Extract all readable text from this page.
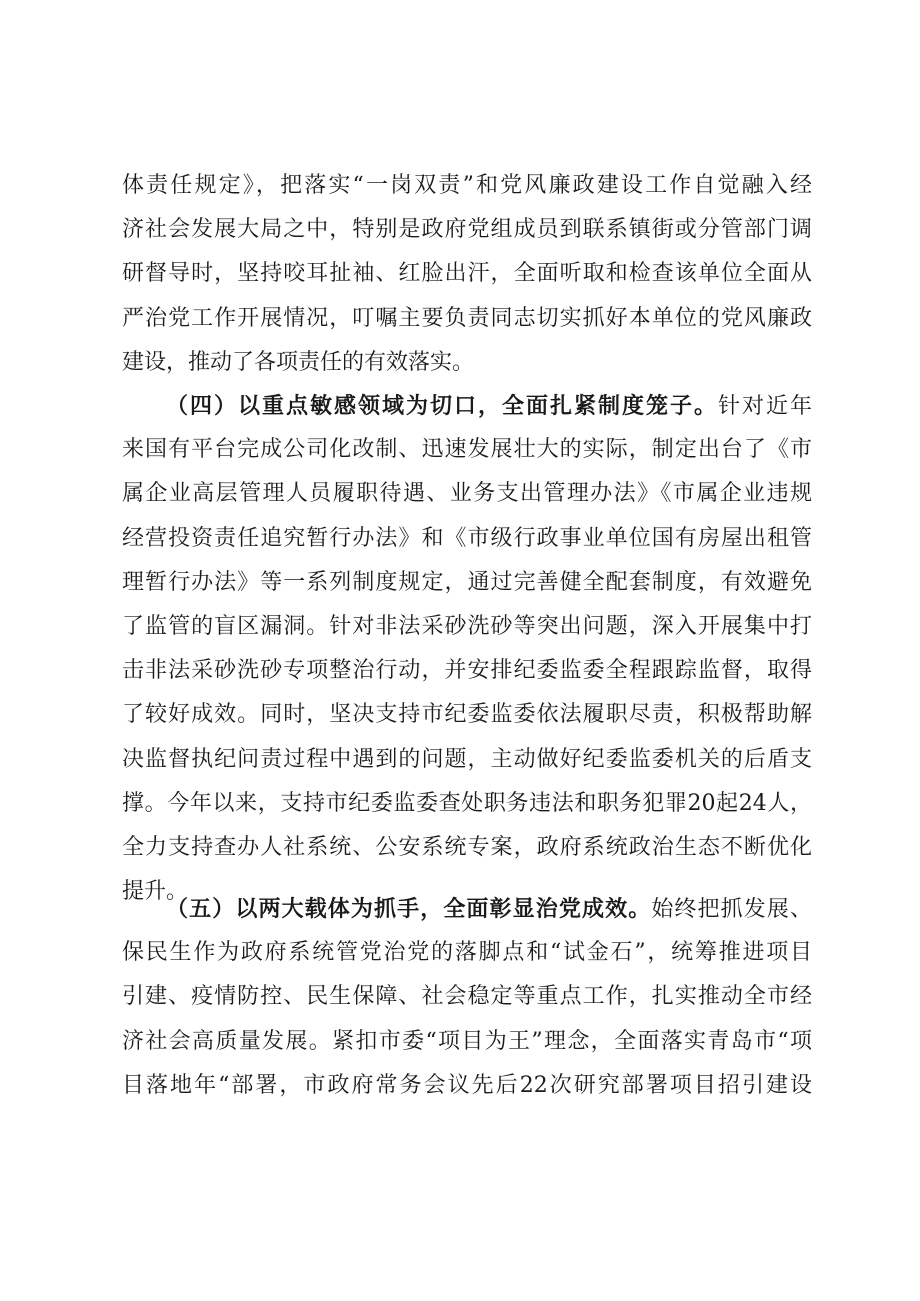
体责任规定》，把落实“一岗双责”和党风廉政建设工作自觉融入经
济社会发展大局之中，特别是政府党组成员到联系镇街或分管部门调
研督导时，坚持咬耳扯袖、红脸出汗，全面听取和检查该单位全面从
严治党工作开展情况，叮嘱主要负责同志切实抓好本单位的党风廉政
建设，推动了各项责任的有效落实。
（四）以重点敏感领域为切口，全面扎紧制度笼子。针对近年
来国有平台完成公司化改制、迅速发展壮大的实际，制定出台了《市
属企业高层管理人员履职待遇、业务支出管理办法》《市属企业违规
经营投资责任追究暂行办法》和《市级行政事业单位国有房屋出租管
理暂行办法》等一系列制度规定，通过完善健全配套制度，有效避免
了监管的盲区漏洞。针对非法采砂洗砂等突出问题，深入开展集中打
击非法采砂洗砂专项整治行动，并安排纪委监委全程跟踪监督，取得
了较好成效。同时，坚决支持市纪委监委依法履职尽责，积极帮助解
决监督执纪问责过程中遇到的问题，主动做好纪委监委机关的后盾支
撑。今年以来，支持市纪委监委查处职务违法和职务犯罪20起24人，
全力支持查办人社系统、公安系统专案，政府系统政治生态不断优化
提升。
（五）以两大载体为抓手，全面彰显治党成效。始终把抓发展、
保民生作为政府系统管党治党的落脚点和“试金石”，统筹推进项目
引建、疫情防控、民生保障、社会稳定等重点工作，扎实推动全市经
济社会高质量发展。紧扣市委“项目为王”理念，全面落实青岛市“项
目落地年“部署，市政府常务会议先后22次研究部署项目招引建设
